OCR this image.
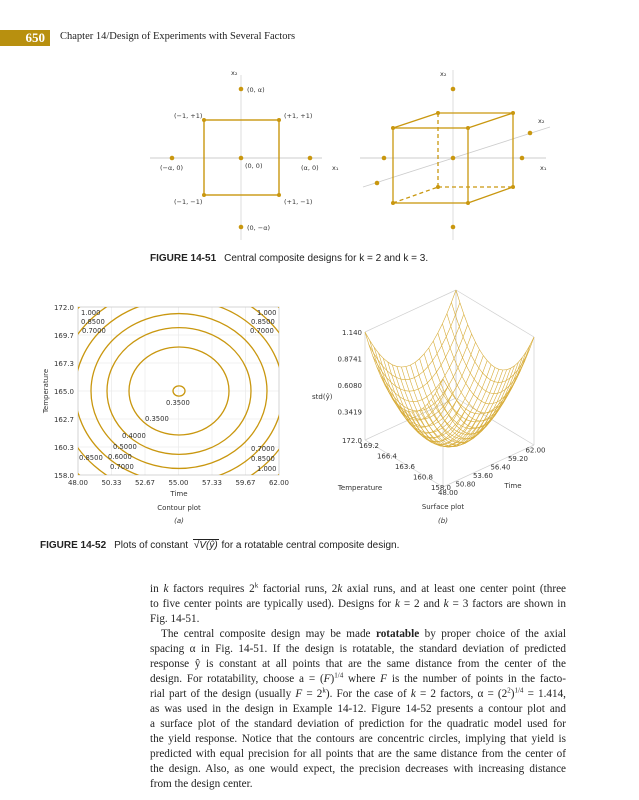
650	Chapter 14/Design of Experiments with Several Factors
x₂
x₁
(0, α)
(−1, +1)	(+1, +1)
(−α, 0)	(0, 0)	(α, 0)
(−1, −1)	(+1, −1)
(0, −α)
x₂
x₂
x₁
FIGURE 14-51 Central composite designs for k = 2 and k = 3.
172.0
169.7
167.3
165.0
162.7
160.3
158.0
48.00 50.33 52.67 55.00 57.33 59.67 62.00
Time
Contour plot
(a)
Temperature
1.000
0.8500
0.7000
1.000
0.8500
0.7000
0.3500
0.3500
0.4000
0.5000
0.6000
0.8500
0.7000
0.7000
0.8500
1.000
1.140
0.8741
0.6080
0.3419
172.0
169.2
166.4
163.6
160.8
158.0
48.00
50.80
53.60
56.40
59.20
62.00
std(ŷ)
Temperature	Time
Surface plot
(b)
FIGURE 14-52 Plots of constant √V(ŷ) for a rotatable central composite design.
in k factors requires 2$^k$ factorial runs, 2k axial runs, and at least one center point (three
to five center points are typically used). Designs for k = 2 and k = 3 factors are shown in
Fig. 14-51.
The central composite design may be made rotatable by proper choice of the axial
spacing α in Fig. 14-51. If the design is rotatable, the standard deviation of predicted
response ŷ is constant at all points that are the same distance from the center of the
design. For rotatability, choose $a = (F)^{1/4}$ where F is the number of points in the facto-
rial part of the design (usually $F = 2^k$). For the case of k = 2 factors, $\alpha = (2^2)^{1/4} = 1.414$,
as was used in the design in Example 14-12. Figure 14-52 presents a contour plot and
a surface plot of the standard deviation of prediction for the quadratic model used for
the yield response. Notice that the contours are concentric circles, implying that yield is
predicted with equal precision for all points that are the same distance from the center of
the design. Also, as one would expect, the precision decreases with increasing distance
from the design center.
